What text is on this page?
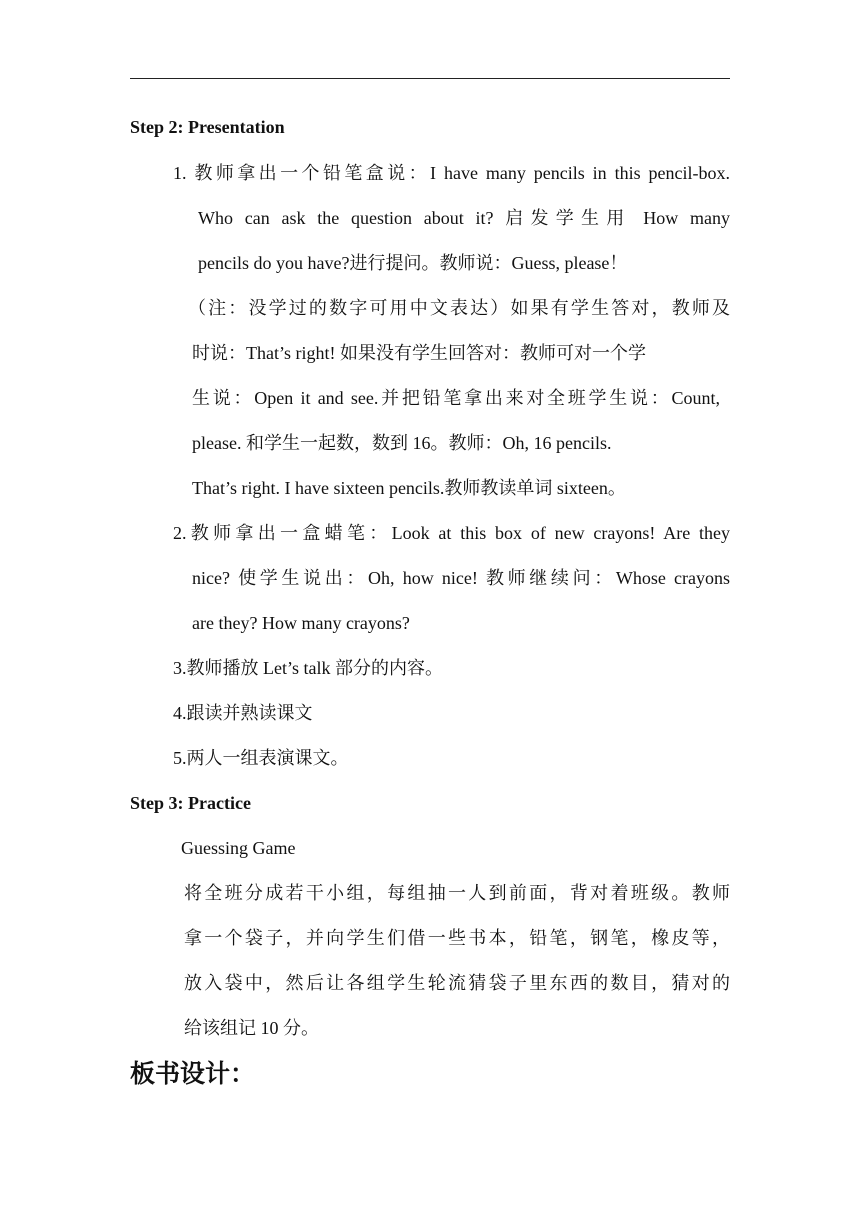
Step 2: Presentation
1. 教师拿出一个铅笔盒说：I have many pencils in this pencil-box.
Who can ask the question about it? 启发学生用 How many
pencils do you have?进行提问。教师说：Guess, please！
（注：没学过的数字可用中文表达）如果有学生答对，教师及
时说：That’s right! 如果没有学生回答对：教师可对一个学
生说：Open it and see.并把铅笔拿出来对全班学生说：Count,
please. 和学生一起数，数到 16。教师：Oh, 16 pencils.
That’s right. I have sixteen pencils.教师教读单词 sixteen。
2.教师拿出一盒蜡笔：Look at this box of new crayons! Are they
nice? 使学生说出：Oh, how nice! 教师继续问：Whose crayons
are they? How many crayons?
3.教师播放 Let’s talk 部分的内容。
4.跟读并熟读课文
5.两人一组表演课文。
Step 3: Practice
Guessing Game
将全班分成若干小组，每组抽一人到前面，背对着班级。教师
拿一个袋子，并向学生们借一些书本，铅笔，钢笔，橡皮等，
放入袋中，然后让各组学生轮流猜袋子里东西的数目，猜对的
给该组记 10 分。
板书设计：
